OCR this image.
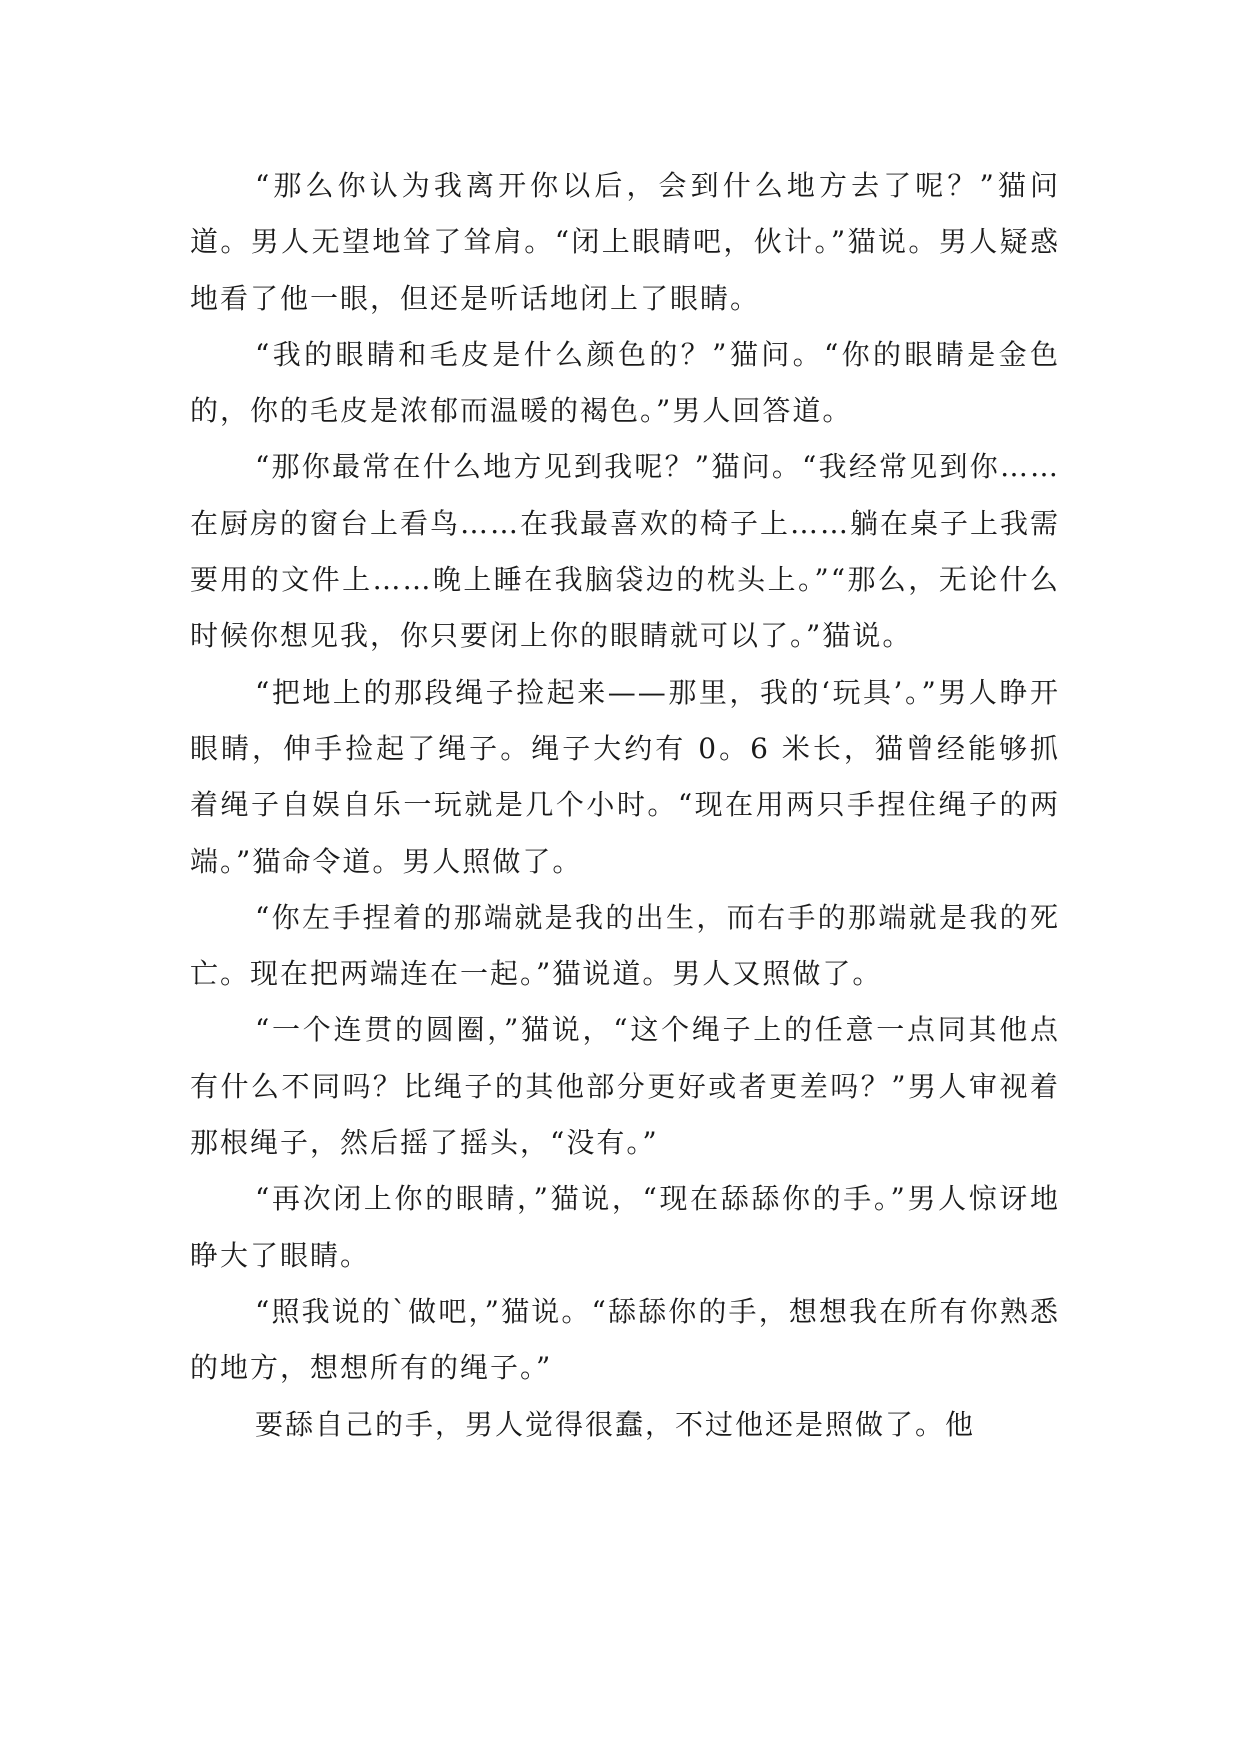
“那么你认为我离开你以后，会到什么地方去了呢？”猫问道。男人无望地耸了耸肩。“闭上眼睛吧，伙计。”猫说。男人疑惑地看了他一眼，但还是听话地闭上了眼睛。

“我的眼睛和毛皮是什么颜色的？”猫问。“你的眼睛是金色的，你的毛皮是浓郁而温暖的褐色。”男人回答道。

“那你最常在什么地方见到我呢？”猫问。“我经常见到你……在厨房的窗台上看鸟……在我最喜欢的椅子上……躺在桌子上我需要用的文件上……晚上睡在我脑袋边的枕头上。”“那么，无论什么时候你想见我，你只要闭上你的眼睛就可以了。”猫说。

“把地上的那段绳子捡起来——那里，我的‘玩具’。”男人睁开眼睛，伸手捡起了绳子。绳子大约有 0。6 米长，猫曾经能够抓着绳子自娱自乐一玩就是几个小时。“现在用两只手捏住绳子的两端。”猫命令道。男人照做了。

“你左手捏着的那端就是我的出生，而右手的那端就是我的死亡。现在把两端连在一起。”猫说道。男人又照做了。

“一个连贯的圆圈，”猫说，“这个绳子上的任意一点同其他点有什么不同吗？比绳子的其他部分更好或者更差吗？”男人审视着那根绳子，然后摇了摇头，“没有。”

“再次闭上你的眼睛，”猫说，“现在舔舔你的手。”男人惊讶地睁大了眼睛。

“照我说的`做吧，”猫说。“舔舔你的手，想想我在所有你熟悉的地方，想想所有的绳子。”

要舔自己的手，男人觉得很蠢，不过他还是照做了。他
